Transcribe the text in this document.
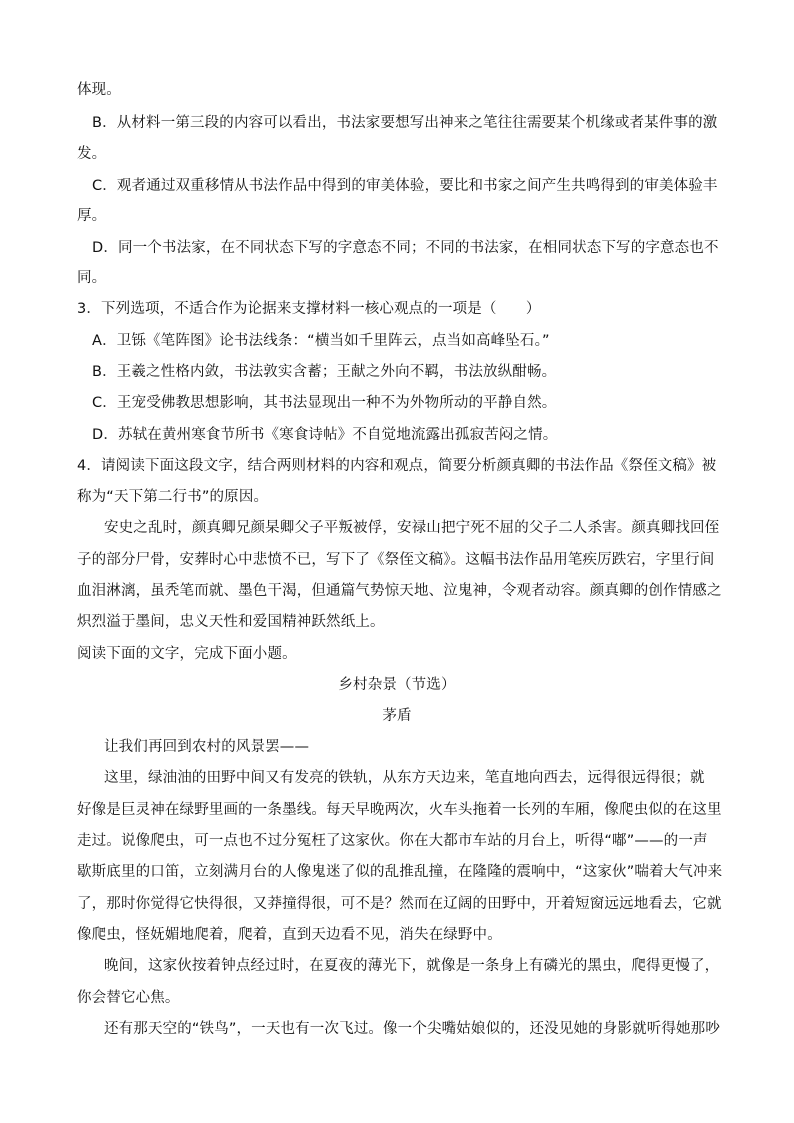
体现。
B．从材料一第三段的内容可以看出，书法家要想写出神来之笔往往需要某个机缘或者某件事的激
发。
C．观者通过双重移情从书法作品中得到的审美体验，要比和书家之间产生共鸣得到的审美体验丰
厚。
D．同一个书法家，在不同状态下写的字意态不同；不同的书法家，在相同状态下写的字意态也不
同。
3．下列选项，不适合作为论据来支撑材料一核心观点的一项是（　　）
A．卫铄《笔阵图》论书法线条：“横当如千里阵云，点当如高峰坠石。”
B．王羲之性格内敛，书法敦实含蓄；王献之外向不羁，书法放纵酣畅。
C．王宠受佛教思想影响，其书法显现出一种不为外物所动的平静自然。
D．苏轼在黄州寒食节所书《寒食诗帖》不自觉地流露出孤寂苦闷之情。
4．请阅读下面这段文字，结合两则材料的内容和观点，简要分析颜真卿的书法作品《祭侄文稿》被
称为“天下第二行书”的原因。
安史之乱时，颜真卿兄颜杲卿父子平叛被俘，安禄山把宁死不屈的父子二人杀害。颜真卿找回侄
子的部分尸骨，安葬时心中悲愤不已，写下了《祭侄文稿》。这幅书法作品用笔疾厉跌宕，字里行间
血泪淋漓，虽秃笔而就、墨色干渴，但通篇气势惊天地、泣鬼神，令观者动容。颜真卿的创作情感之
炽烈溢于墨间，忠义天性和爱国精神跃然纸上。
阅读下面的文字，完成下面小题。
乡村杂景（节选）
茅盾
让我们再回到农村的风景罢——
这里，绿油油的田野中间又有发亮的铁轨，从东方天边来，笔直地向西去，远得很远得很；就
好像是巨灵神在绿野里画的一条墨线。每天早晚两次，火车头拖着一长列的车厢，像爬虫似的在这里
走过。说像爬虫，可一点也不过分冤枉了这家伙。你在大都市车站的月台上，听得“嘟”——的一声
歇斯底里的口笛，立刻满月台的人像鬼迷了似的乱推乱撞，在隆隆的震响中，“这家伙”喘着大气冲来
了，那时你觉得它快得很，又莽撞得很，可不是？然而在辽阔的田野中，开着短窗远远地看去，它就
像爬虫，怪妩媚地爬着，爬着，直到天边看不见，消失在绿野中。
晚间，这家伙按着钟点经过时，在夏夜的薄光下，就像是一条身上有磷光的黑虫，爬得更慢了，
你会替它心焦。
还有那天空的“铁鸟”，一天也有一次飞过。像一个尖嘴姑娘似的，还没见她的身影就听得她那吵
